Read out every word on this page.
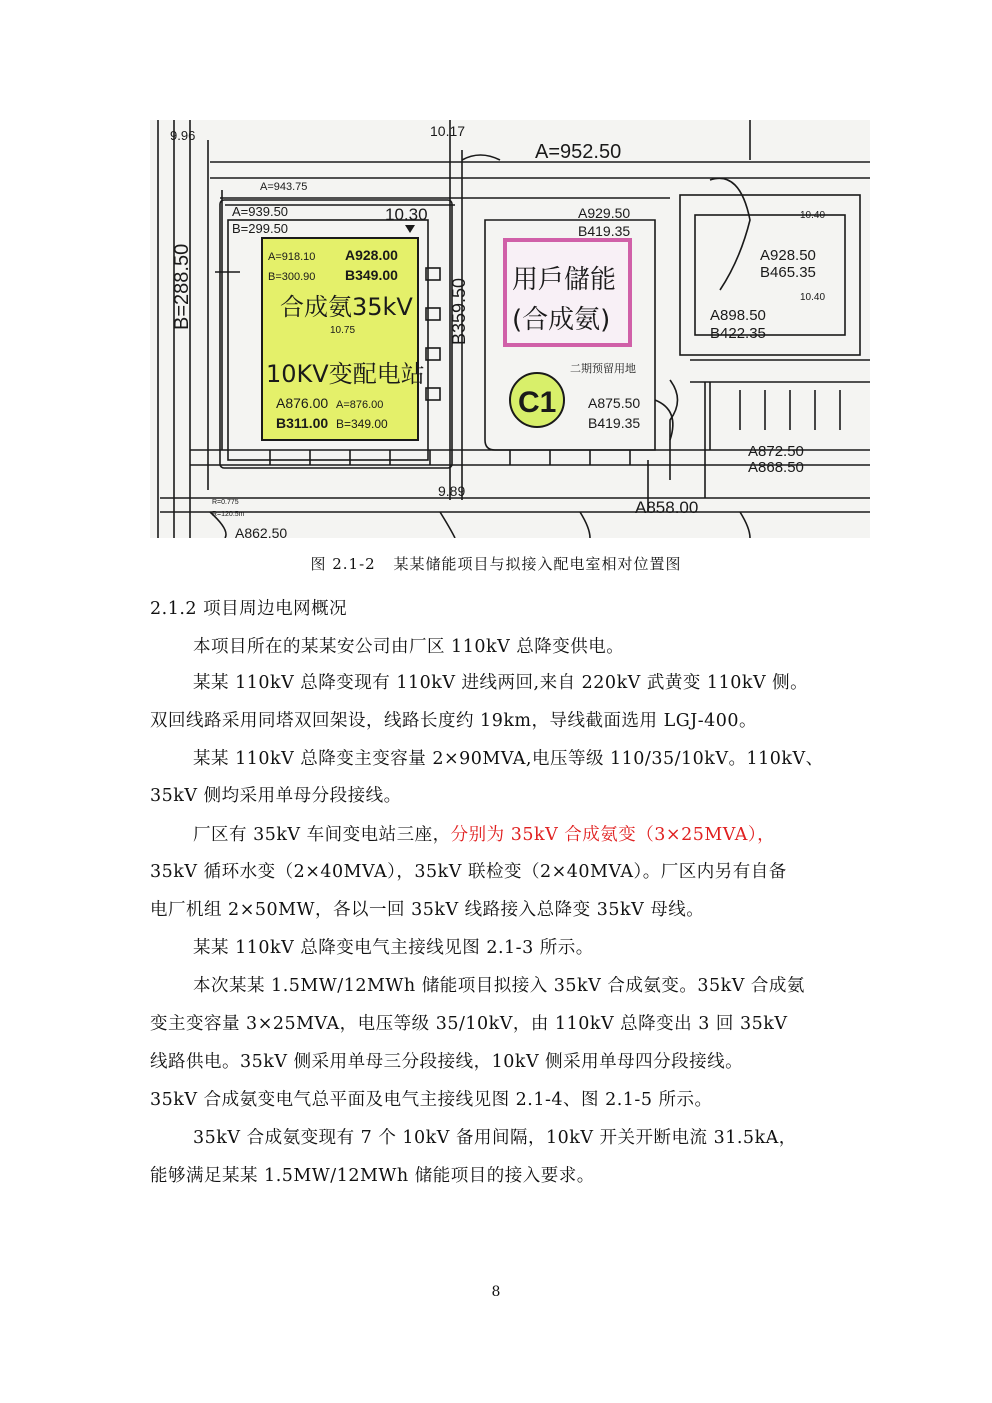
9.96	10.17
A=952.50
A=943.75
A=939.50
B=299.50
10.30
A=918.10
B=300.90
A928.00
B349.00
合成氨35kV
10.75
10KV变配电站
A876.00 A=876.00
B311.00 B=349.00
B=288.50	B359.50 用戶儲能
(合成氨)
二期预留用地
C1
A929.50
B419.35
A928.50
B465.35
A898.50
B422.35
10.40
10.40
A875.50
B419.35
A872.50
A868.50
9.89
A858.00
A862.50
R=0.775
R=120.5m
图 2.1-2 某某储能项目与拟接入配电室相对位置图
2.1.2 项目周边电网概况
本项目所在的某某安公司由厂区 110kV 总降变供电。
某某 110kV 总降变现有 110kV 进线两回,来自 220kV 武黄变 110kV 侧。
双回线路采用同塔双回架设，线路长度约 19km，导线截面选用 LGJ-400。
某某 110kV 总降变主变容量 2×90MVA,电压等级 110/35/10kV。110kV、
35kV 侧均采用单母分段接线。
厂区有 35kV 车间变电站三座，分别为 35kV 合成氨变（3×25MVA），
35kV 循环水变（2×40MVA），35kV 联检变（2×40MVA）。厂区内另有自备
电厂机组 2×50MW，各以一回 35kV 线路接入总降变 35kV 母线。
某某 110kV 总降变电气主接线见图 2.1-3 所示。
本次某某 1.5MW/12MWh 储能项目拟接入 35kV 合成氨变。35kV 合成氨
变主变容量 3×25MVA，电压等级 35/10kV，由 110kV 总降变出 3 回 35kV
线路供电。35kV 侧采用单母三分段接线，10kV 侧采用单母四分段接线。
35kV 合成氨变电气总平面及电气主接线见图 2.1-4、图 2.1-5 所示。
35kV 合成氨变现有 7 个 10kV 备用间隔，10kV 开关开断电流 31.5kA，
能够满足某某 1.5MW/12MWh 储能项目的接入要求。
8
